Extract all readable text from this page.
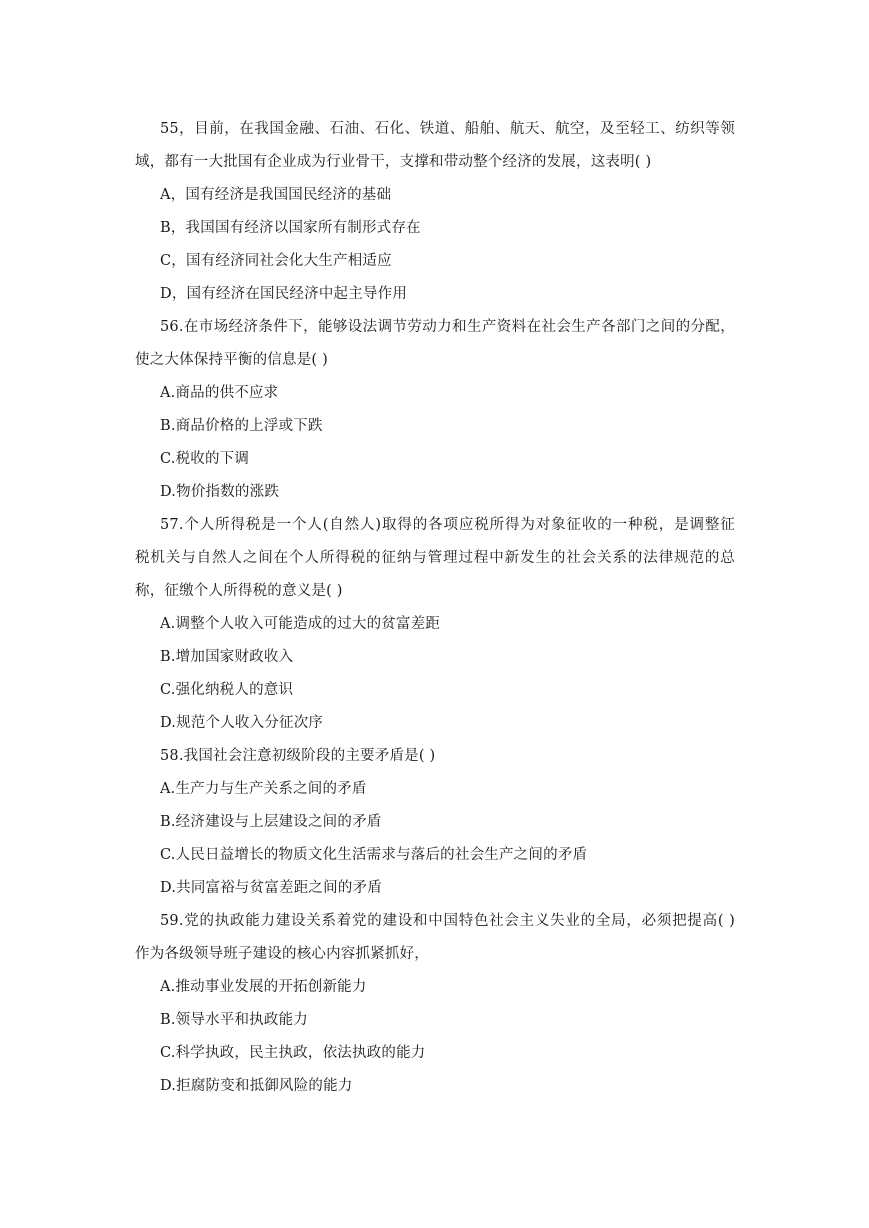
55，目前，在我国金融、石油、石化、铁道、船舶、航天、航空，及至轻工、纺织等领
域，都有一大批国有企业成为行业骨干，支撑和带动整个经济的发展，这表明( )
A，国有经济是我国国民经济的基础
B，我国国有经济以国家所有制形式存在
C，国有经济同社会化大生产相适应
D，国有经济在国民经济中起主导作用
56.在市场经济条件下，能够设法调节劳动力和生产资料在社会生产各部门之间的分配，
使之大体保持平衡的信息是( )
A.商品的供不应求
B.商品价格的上浮或下跌
C.税收的下调
D.物价指数的涨跌
57.个人所得税是一个人(自然人)取得的各项应税所得为对象征收的一种税，是调整征
税机关与自然人之间在个人所得税的征纳与管理过程中新发生的社会关系的法律规范的总
称，征缴个人所得税的意义是( )
A.调整个人收入可能造成的过大的贫富差距
B.增加国家财政收入
C.强化纳税人的意识
D.规范个人收入分征次序
58.我国社会注意初级阶段的主要矛盾是( )
A.生产力与生产关系之间的矛盾
B.经济建设与上层建设之间的矛盾
C.人民日益增长的物质文化生活需求与落后的社会生产之间的矛盾
D.共同富裕与贫富差距之间的矛盾
59.党的执政能力建设关系着党的建设和中国特色社会主义失业的全局，必须把提高( )
作为各级领导班子建设的核心内容抓紧抓好，
A.推动事业发展的开拓创新能力
B.领导水平和执政能力
C.科学执政，民主执政，依法执政的能力
D.拒腐防变和抵御风险的能力
